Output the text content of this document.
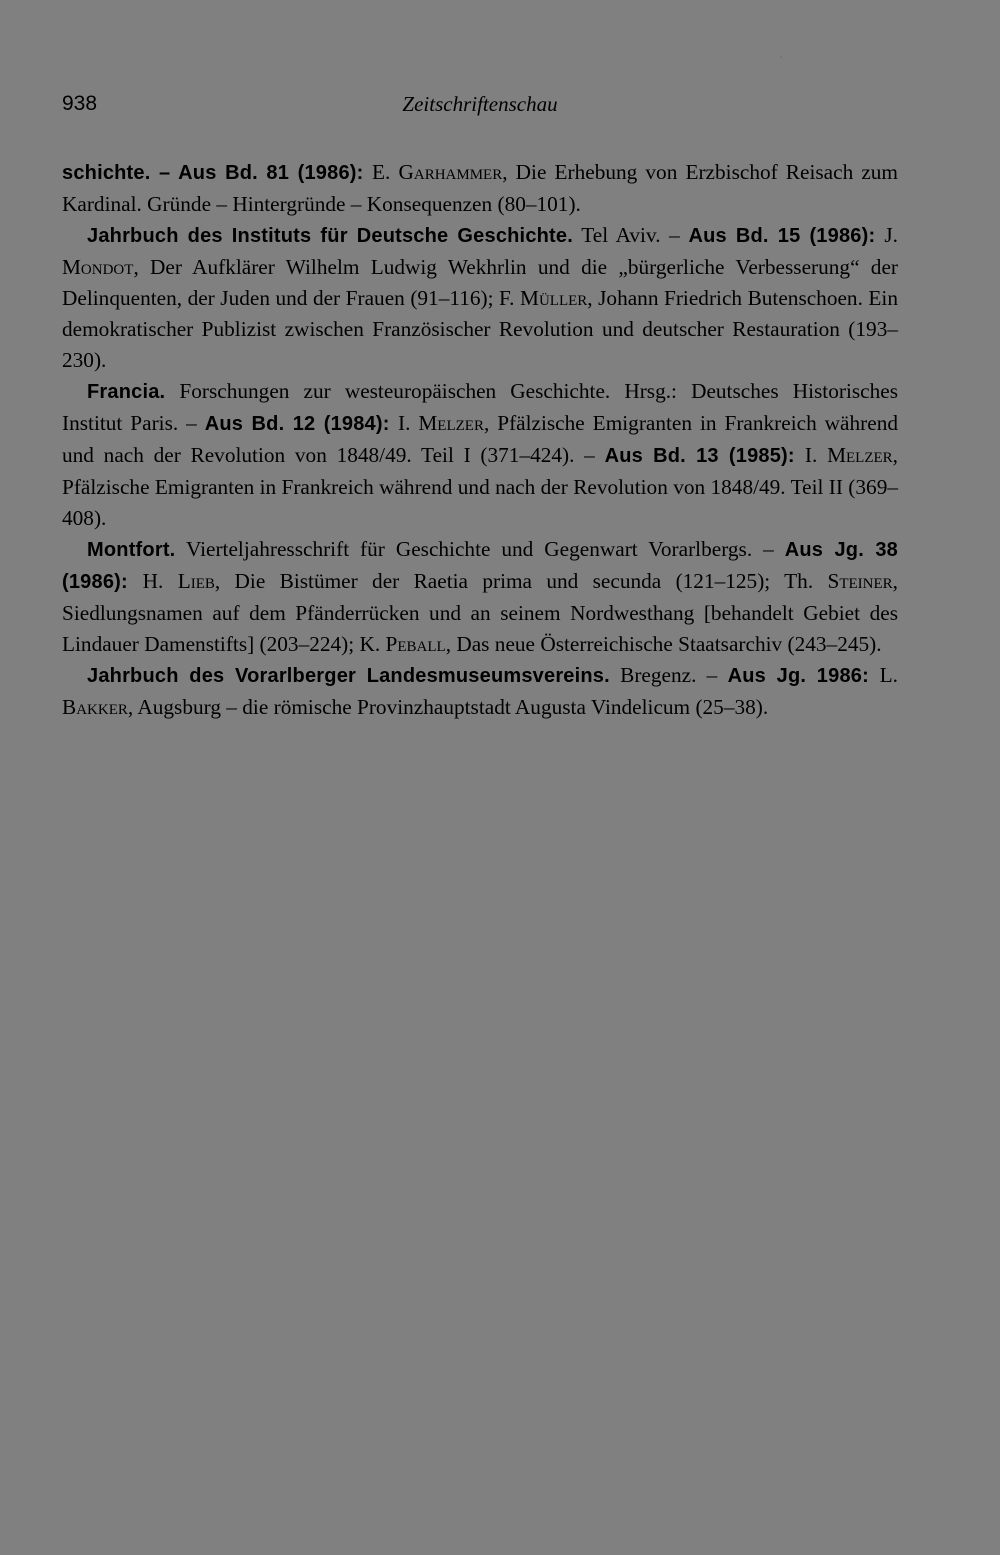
938	Zeitschriftenschau

schichte. – Aus Bd. 81 (1986): E. Garhammer, Die Erhebung von Erzbischof Reisach zum Kardinal. Gründe – Hintergründe – Konsequenzen (80–101).

Jahrbuch des Instituts für Deutsche Geschichte. Tel Aviv. – Aus Bd. 15 (1986): J. Mondot, Der Aufklärer Wilhelm Ludwig Wekhrlin und die „bürgerliche Verbesserung“ der Delinquenten, der Juden und der Frauen (91–116); F. Müller, Johann Friedrich Butenschoen. Ein demokratischer Publizist zwischen Französischer Revolution und deutscher Restauration (193–230).

Francia. Forschungen zur westeuropäischen Geschichte. Hrsg.: Deutsches Historisches Institut Paris. – Aus Bd. 12 (1984): I. Melzer, Pfälzische Emigranten in Frankreich während und nach der Revolution von 1848/49. Teil I (371–424). – Aus Bd. 13 (1985): I. Melzer, Pfälzische Emigranten in Frankreich während und nach der Revolution von 1848/49. Teil II (369–408).

Montfort. Vierteljahresschrift für Geschichte und Gegenwart Vorarlbergs. – Aus Jg. 38 (1986): H. Lieb, Die Bistümer der Raetia prima und secunda (121–125); Th. Steiner, Siedlungsnamen auf dem Pfänderrücken und an seinem Nordwesthang [behandelt Gebiet des Lindauer Damenstifts] (203–224); K. Peball, Das neue Österreichische Staatsarchiv (243–245).

Jahrbuch des Vorarlberger Landesmuseumsvereins. Bregenz. – Aus Jg. 1986: L. Bakker, Augsburg – die römische Provinzhauptstadt Augusta Vindelicum (25–38).
